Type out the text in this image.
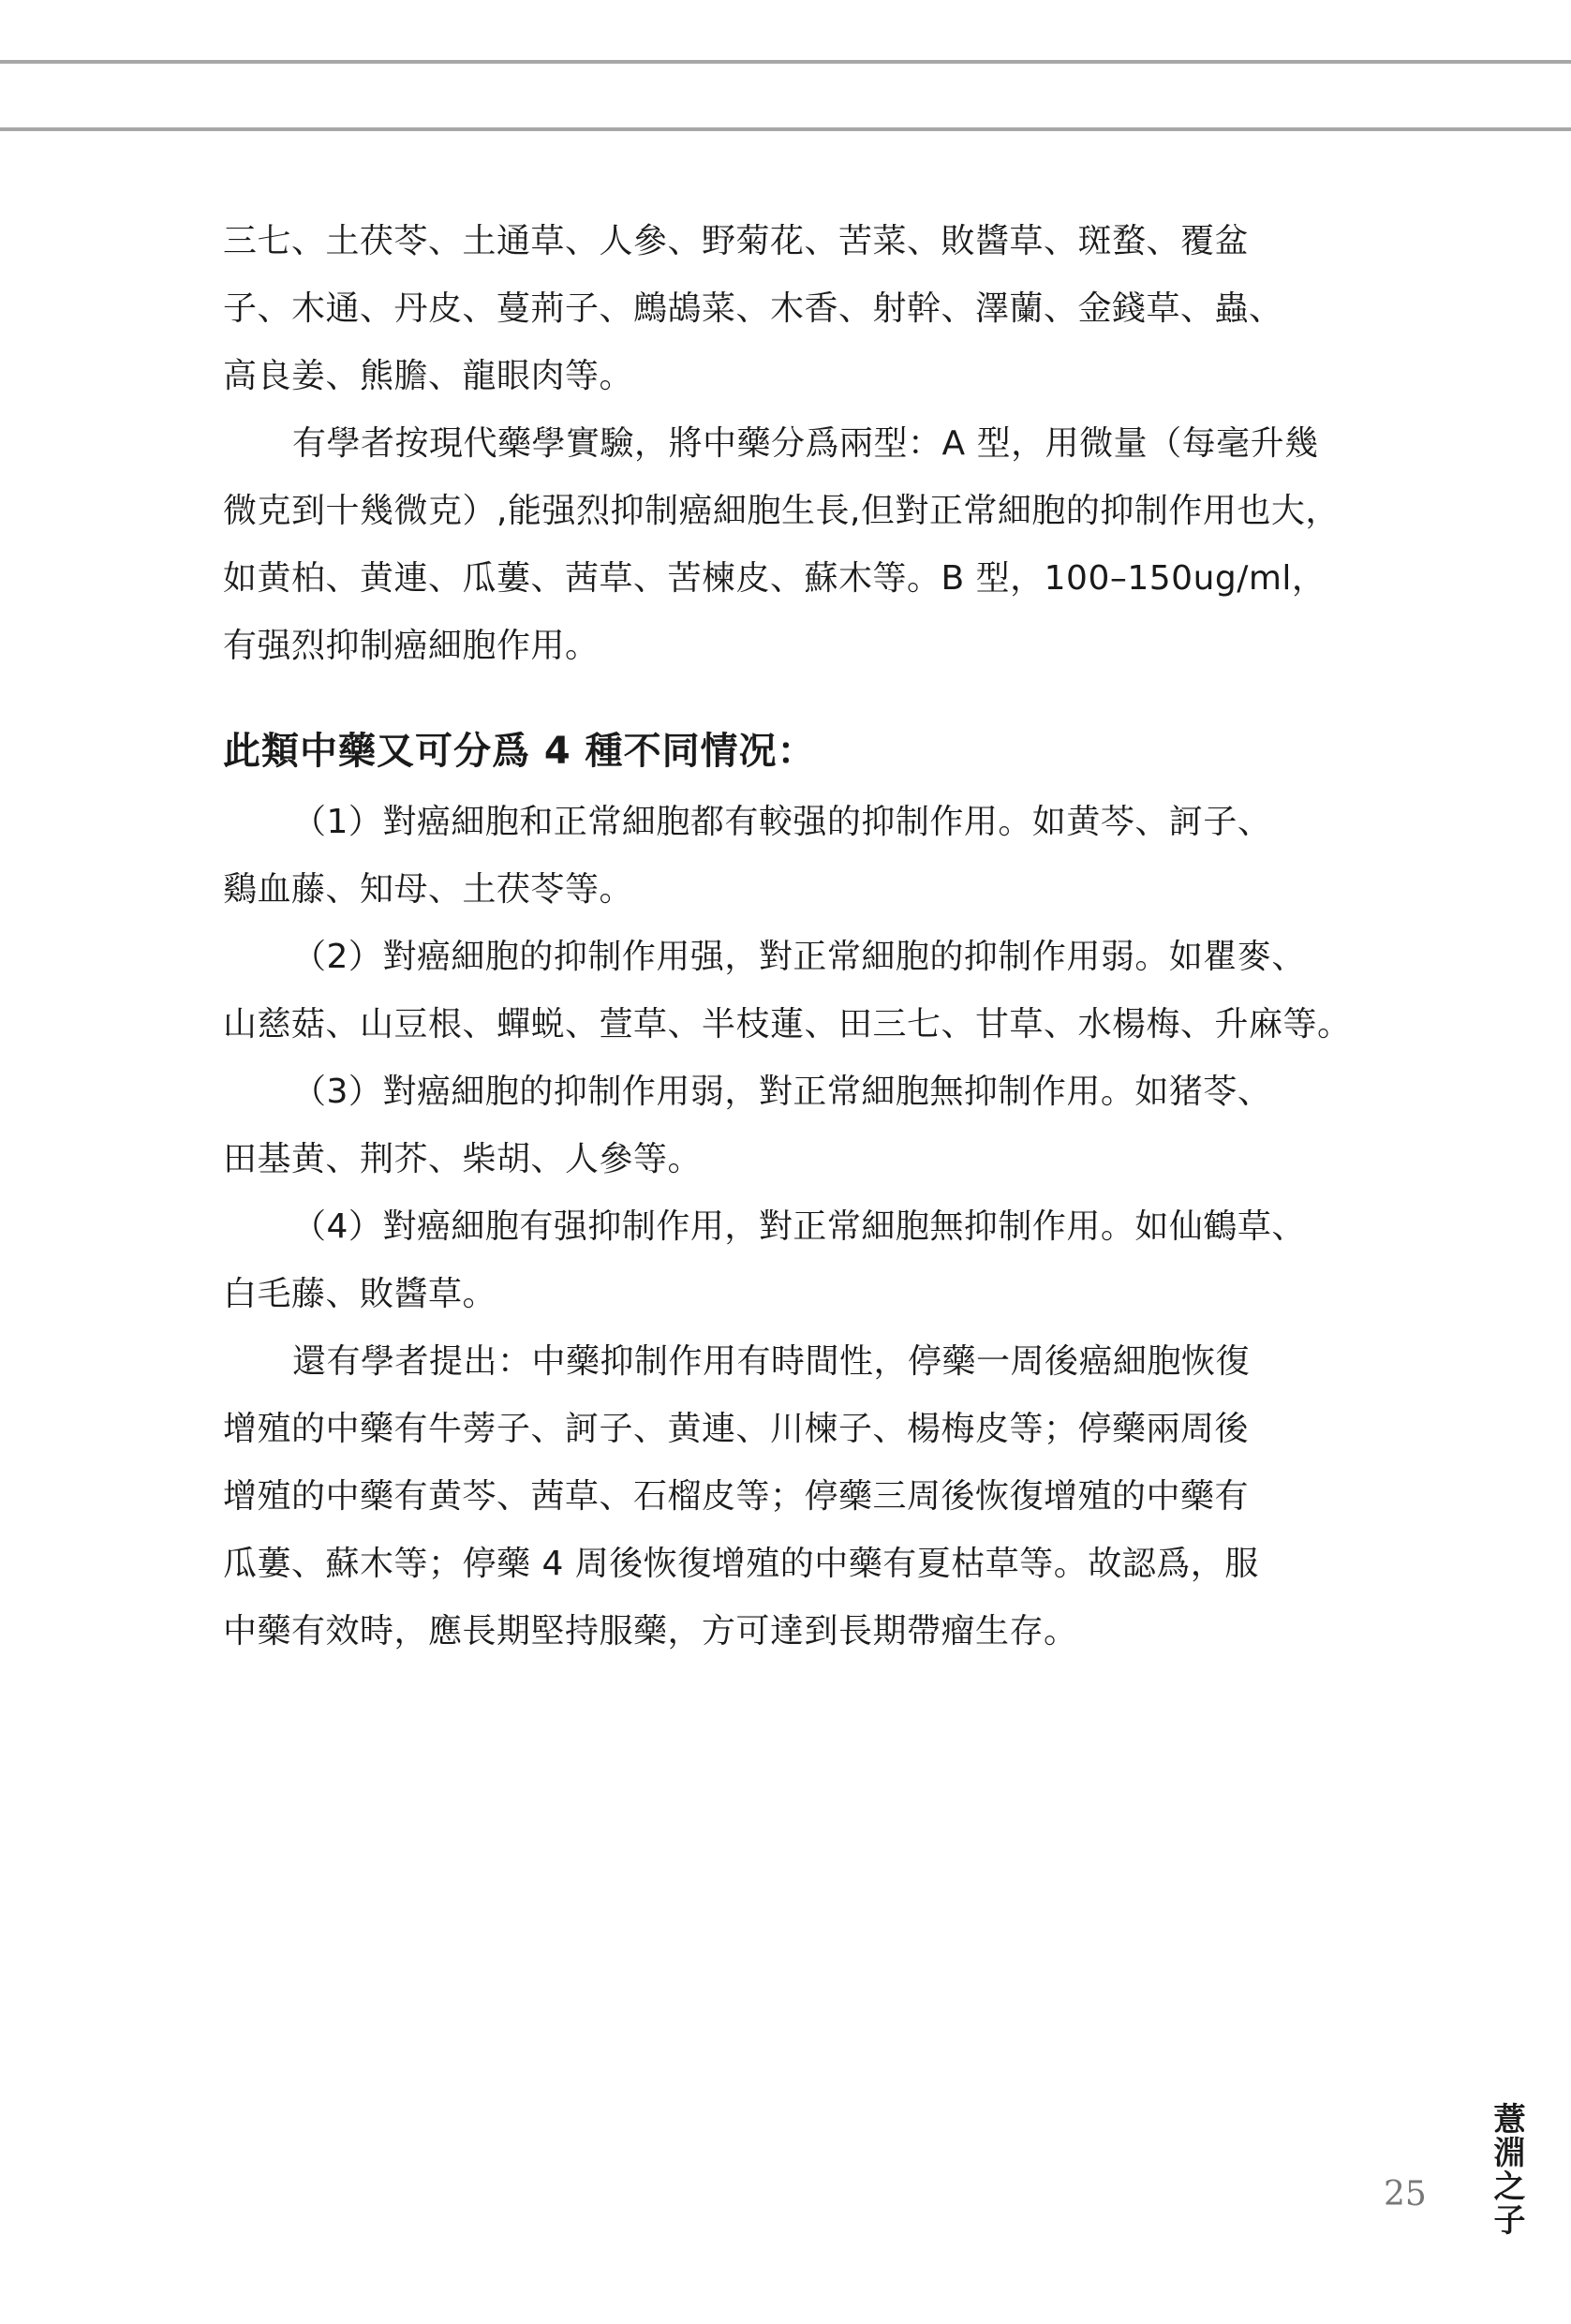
三七、土茯苓、土通草、人參、野菊花、苦菜、敗醬草、斑蝥、覆盆
子、木通、丹皮、蔓荊子、鷓鴣菜、木香、射幹、澤蘭、金錢草、蟲、
高良姜、熊膽、龍眼肉等。

有學者按現代藥學實驗，將中藥分爲兩型：A 型，用微量（每毫升幾
微克到十幾微克）,能强烈抑制癌細胞生長,但對正常細胞的抑制作用也大，
如黄柏、黄連、瓜蔞、茜草、苦楝皮、蘇木等。B 型，100–150ug/ml，
有强烈抑制癌細胞作用。

此類中藥又可分爲 4 種不同情况：

（1）對癌細胞和正常細胞都有較强的抑制作用。如黄芩、訶子、
鷄血藤、知母、土茯苓等。

（2）對癌細胞的抑制作用强，對正常細胞的抑制作用弱。如瞿麥、
山慈菇、山豆根、蟬蜕、萱草、半枝蓮、田三七、甘草、水楊梅、升麻等。

（3）對癌細胞的抑制作用弱，對正常細胞無抑制作用。如猪苓、
田基黄、荆芥、柴胡、人參等。

（4）對癌細胞有强抑制作用，對正常細胞無抑制作用。如仙鶴草、
白毛藤、敗醬草。

還有學者提出：中藥抑制作用有時間性，停藥一周後癌細胞恢復
增殖的中藥有牛蒡子、訶子、黄連、川楝子、楊梅皮等；停藥兩周後
增殖的中藥有黄芩、茜草、石榴皮等；停藥三周後恢復增殖的中藥有
瓜蔞、蘇木等；停藥 4 周後恢復增殖的中藥有夏枯草等。故認爲，服
中藥有效時，應長期堅持服藥，方可達到長期帶瘤生存。

25 薏淵之子
